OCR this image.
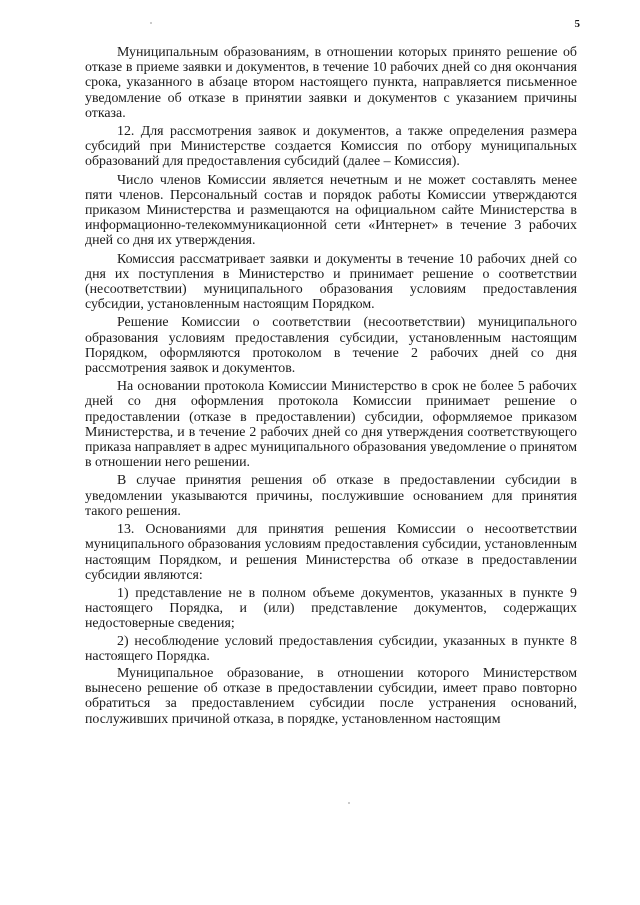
5

Муниципальным образованиям, в отношении которых принято решение об отказе в приеме заявки и документов, в течение 10 рабочих дней со дня окончания срока, указанного в абзаце втором настоящего пункта, направляется письменное уведомление об отказе в принятии заявки и документов с указанием причины отказа.

12. Для рассмотрения заявок и документов, а также определения размера субсидий при Министерстве создается Комиссия по отбору муниципальных образований для предоставления субсидий (далее – Комиссия).

Число членов Комиссии является нечетным и не может составлять менее пяти членов. Персональный состав и порядок работы Комиссии утверждаются приказом Министерства и размещаются на официальном сайте Министерства в информационно-телекоммуникационной сети «Интернет» в течение 3 рабочих дней со дня их утверждения.

Комиссия рассматривает заявки и документы в течение 10 рабочих дней со дня их поступления в Министерство и принимает решение о соответствии (несоответствии) муниципального образования условиям предоставления субсидии, установленным настоящим Порядком.

Решение Комиссии о соответствии (несоответствии) муниципального образования условиям предоставления субсидии, установленным настоящим Порядком, оформляются протоколом в течение 2 рабочих дней со дня рассмотрения заявок и документов.

На основании протокола Комиссии Министерство в срок не более 5 рабочих дней со дня оформления протокола Комиссии принимает решение о предоставлении (отказе в предоставлении) субсидии, оформляемое приказом Министерства, и в течение 2 рабочих дней со дня утверждения соответствующего приказа направляет в адрес муниципального образования уведомление о принятом в отношении него решении.

В случае принятия решения об отказе в предоставлении субсидии в уведомлении указываются причины, послужившие основанием для принятия такого решения.

13. Основаниями для принятия решения Комиссии о несоответствии муниципального образования условиям предоставления субсидии, установленным настоящим Порядком, и решения Министерства об отказе в предоставлении субсидии являются:

1) представление не в полном объеме документов, указанных в пункте 9 настоящего Порядка, и (или) представление документов, содержащих недостоверные сведения;

2) несоблюдение условий предоставления субсидии, указанных в пункте 8 настоящего Порядка.

Муниципальное образование, в отношении которого Министерством вынесено решение об отказе в предоставлении субсидии, имеет право повторно обратиться за предоставлением субсидии после устранения оснований, послуживших причиной отказа, в порядке, установленном настоящим
